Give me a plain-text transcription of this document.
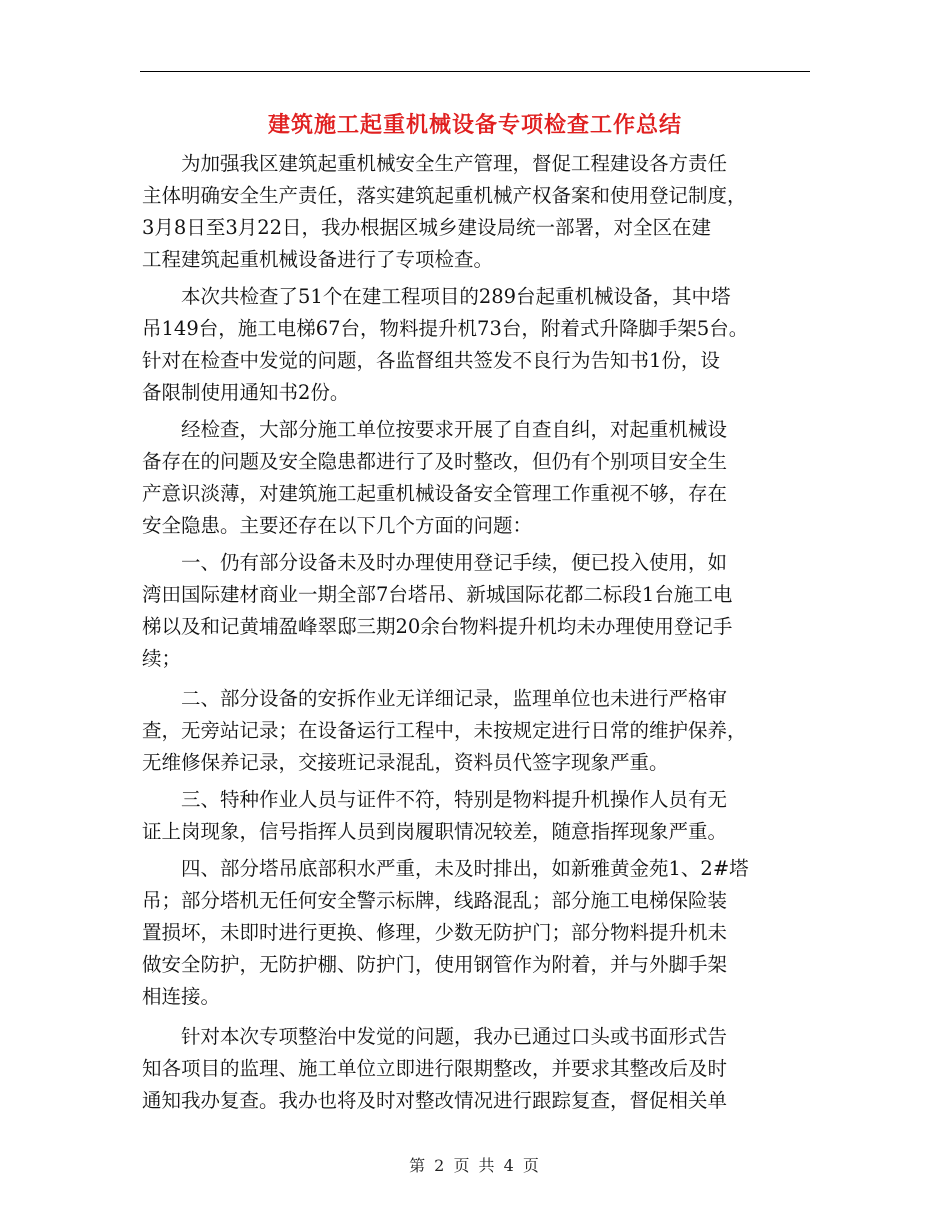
建筑施工起重机械设备专项检查工作总结
　　为加强我区建筑起重机械安全生产管理，督促工程建设各方责任
主体明确安全生产责任，落实建筑起重机械产权备案和使用登记制度，
3月8日至3月22日，我办根据区城乡建设局统一部署，对全区在建
工程建筑起重机械设备进行了专项检查。
　　本次共检查了51个在建工程项目的289台起重机械设备，其中塔
吊149台，施工电梯67台，物料提升机73台，附着式升降脚手架5台。
针对在检查中发觉的问题，各监督组共签发不良行为告知书1份，设
备限制使用通知书2份。
　　经检查，大部分施工单位按要求开展了自查自纠，对起重机械设
备存在的问题及安全隐患都进行了及时整改，但仍有个别项目安全生
产意识淡薄，对建筑施工起重机械设备安全管理工作重视不够，存在
安全隐患。主要还存在以下几个方面的问题：
　　一、仍有部分设备未及时办理使用登记手续，便已投入使用，如
湾田国际建材商业一期全部7台塔吊、新城国际花都二标段1台施工电
梯以及和记黄埔盈峰翠邸三期20余台物料提升机均未办理使用登记手
续；
　　二、部分设备的安拆作业无详细记录，监理单位也未进行严格审
查，无旁站记录；在设备运行工程中，未按规定进行日常的维护保养，
无维修保养记录，交接班记录混乱，资料员代签字现象严重。
　　三、特种作业人员与证件不符，特别是物料提升机操作人员有无
证上岗现象，信号指挥人员到岗履职情况较差，随意指挥现象严重。
　　四、部分塔吊底部积水严重，未及时排出，如新雅黄金苑1、2#塔
吊；部分塔机无任何安全警示标牌，线路混乱；部分施工电梯保险装
置损坏，未即时进行更换、修理，少数无防护门；部分物料提升机未
做安全防护，无防护棚、防护门，使用钢管作为附着，并与外脚手架
相连接。
　　针对本次专项整治中发觉的问题，我办已通过口头或书面形式告
知各项目的监理、施工单位立即进行限期整改，并要求其整改后及时
通知我办复查。我办也将及时对整改情况进行跟踪复查，督促相关单
第 2 页 共 4 页
